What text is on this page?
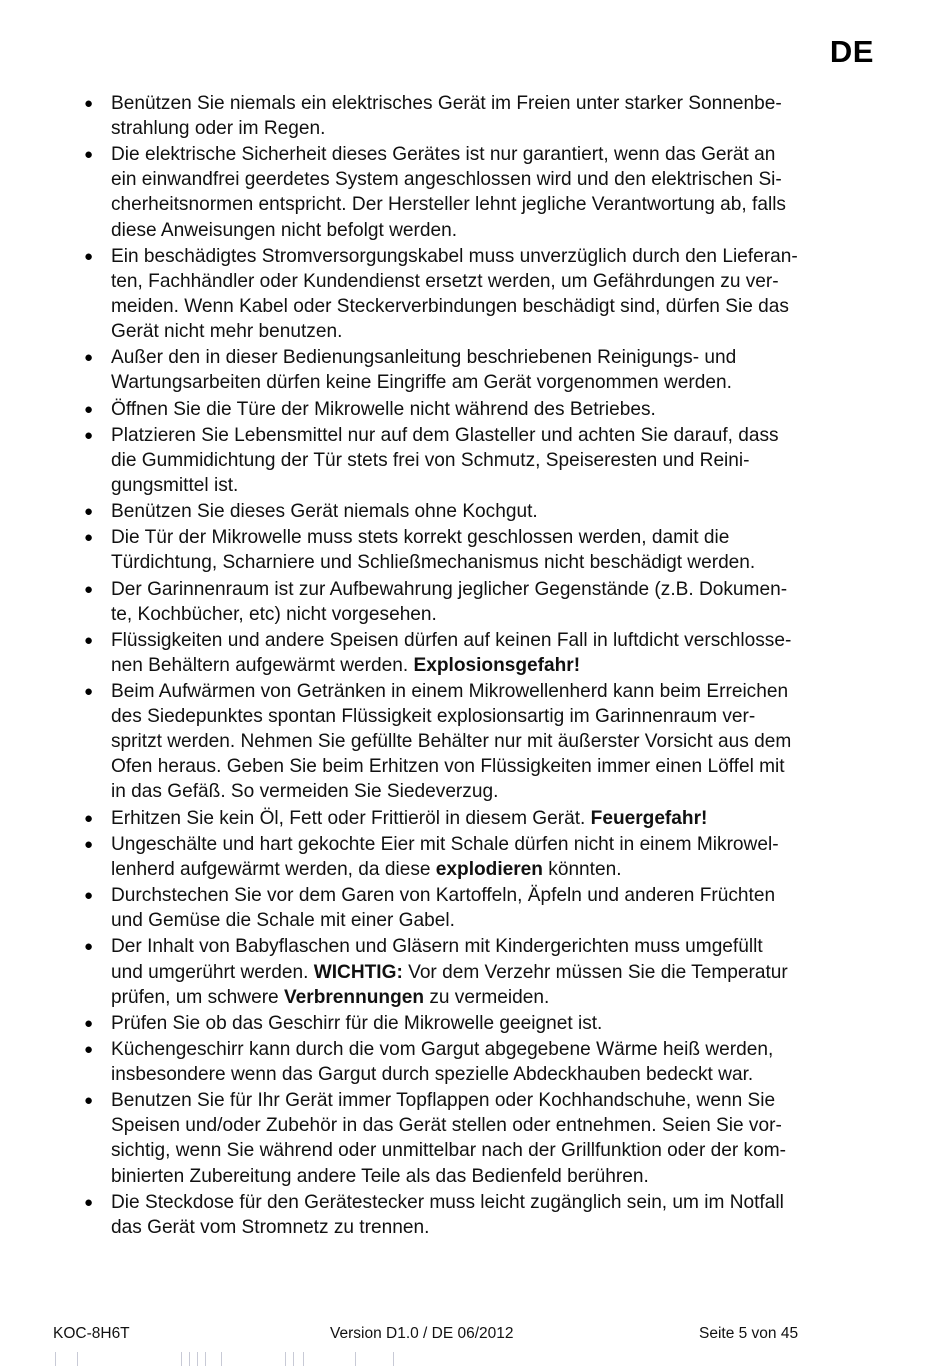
DE
● Benützen Sie niemals ein elektrisches Gerät im Freien unter starker Sonnenbe-
strahlung oder im Regen.
● Die elektrische Sicherheit dieses Gerätes ist nur garantiert, wenn das Gerät an
ein einwandfrei geerdetes System angeschlossen wird und den elektrischen Si-
cherheitsnormen entspricht. Der Hersteller lehnt jegliche Verantwortung ab, falls
diese Anweisungen nicht befolgt werden.
● Ein beschädigtes Stromversorgungskabel muss unverzüglich durch den Lieferan-
ten, Fachhändler oder Kundendienst ersetzt werden, um Gefährdungen zu ver-
meiden. Wenn Kabel oder Steckerverbindungen beschädigt sind, dürfen Sie das
Gerät nicht mehr benutzen.
● Außer den in dieser Bedienungsanleitung beschriebenen Reinigungs- und
Wartungsarbeiten dürfen keine Eingriffe am Gerät vorgenommen werden.
● Öffnen Sie die Türe der Mikrowelle nicht während des Betriebes.
● Platzieren Sie Lebensmittel nur auf dem Glasteller und achten Sie darauf, dass
die Gummidichtung der Tür stets frei von Schmutz, Speiseresten und Reini-
gungsmittel ist.
● Benützen Sie dieses Gerät niemals ohne Kochgut.
● Die Tür der Mikrowelle muss stets korrekt geschlossen werden, damit die
Türdichtung, Scharniere und Schließmechanismus nicht beschädigt werden.
● Der Garinnenraum ist zur Aufbewahrung jeglicher Gegenstände (z.B. Dokumen-
te, Kochbücher, etc) nicht vorgesehen.
● Flüssigkeiten und andere Speisen dürfen auf keinen Fall in luftdicht verschlosse-
nen Behältern aufgewärmt werden. Explosionsgefahr!
● Beim Aufwärmen von Getränken in einem Mikrowellenherd kann beim Erreichen
des Siedepunktes spontan Flüssigkeit explosionsartig im Garinnenraum ver-
spritzt werden. Nehmen Sie gefüllte Behälter nur mit äußerster Vorsicht aus dem
Ofen heraus. Geben Sie beim Erhitzen von Flüssigkeiten immer einen Löffel mit
in das Gefäß. So vermeiden Sie Siedeverzug.
● Erhitzen Sie kein Öl, Fett oder Frittieröl in diesem Gerät. Feuergefahr!
● Ungeschälte und hart gekochte Eier mit Schale dürfen nicht in einem Mikrowel-
lenherd aufgewärmt werden, da diese explodieren könnten.
● Durchstechen Sie vor dem Garen von Kartoffeln, Äpfeln und anderen Früchten
und Gemüse die Schale mit einer Gabel.
● Der Inhalt von Babyflaschen und Gläsern mit Kindergerichten muss umgefüllt
und umgerührt werden. WICHTIG: Vor dem Verzehr müssen Sie die Temperatur
prüfen, um schwere Verbrennungen zu vermeiden.
● Prüfen Sie ob das Geschirr für die Mikrowelle geeignet ist.
● Küchengeschirr kann durch die vom Gargut abgegebene Wärme heiß werden,
insbesondere wenn das Gargut durch spezielle Abdeckhauben bedeckt war.
● Benutzen Sie für Ihr Gerät immer Topflappen oder Kochhandschuhe, wenn Sie
Speisen und/oder Zubehör in das Gerät stellen oder entnehmen. Seien Sie vor-
sichtig, wenn Sie während oder unmittelbar nach der Grillfunktion oder der kom-
binierten Zubereitung andere Teile als das Bedienfeld berühren.
● Die Steckdose für den Gerätestecker muss leicht zugänglich sein, um im Notfall
das Gerät vom Stromnetz zu trennen.
KOC-8H6T	Version D1.0 / DE 06/2012	Seite 5 von 45
